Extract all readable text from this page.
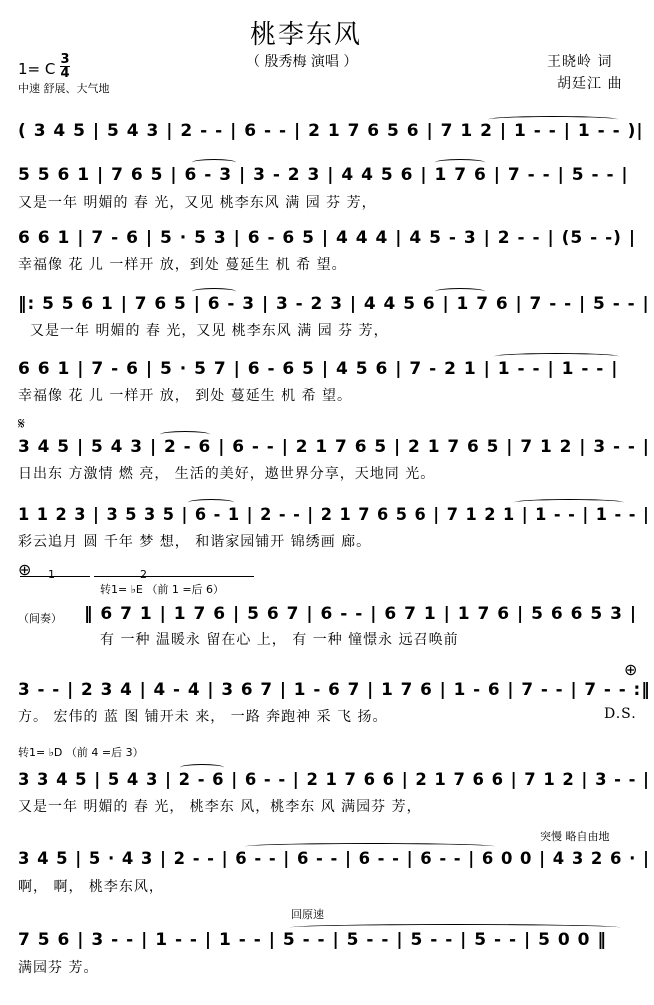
桃李东风
（ 殷秀梅 演唱 ）
1= C
3
4
中速 舒展、大气地
王晓岭 词
胡廷江 曲
( 3 4 5 | 5 4 3 | 2 - - | 6 - - | 2 1 7 6 5 6 | 7 1 2 | 1 - - | 1 - - )|
5 5 6 1 | 7 6 5 | 6 - 3 | 3 - 2 3 | 4 4 5 6 | 1 7 6 | 7 - - | 5 - - |
又是一年 明媚的 春 光，又见 桃李东风 满 园 芬 芳，
6 6 1 | 7 - 6 | 5 · 5 3 | 6 - 6 5 | 4 4 4 | 4 5 - 3 | 2 - - | (5 - -) |
幸福像 花 儿 一样开 放，到处 蔓延生 机 希 望。
‖: 5 5 6 1 | 7 6 5 | 6 - 3 | 3 - 2 3 | 4 4 5 6 | 1 7 6 | 7 - - | 5 - - |
又是一年 明媚的 春 光，又见 桃李东风 满 园 芬 芳，
6 6 1 | 7 - 6 | 5 · 5 7 | 6 - 6 5 | 4 5 6 | 7 - 2 1 | 1 - - | 1 - - |
幸福像 花 儿 一样开 放， 到处 蔓延生 机 希 望。
𝄋
3 4 5 | 5 4 3 | 2 - 6 | 6 - - | 2 1 7 6 5 | 2 1 7 6 5 | 7 1 2 | 3 - - |
日出东 方激情 燃 亮， 生活的美好，遨世界分享，天地同 光。
1 1 2 3 | 3 5 3 5 | 6 - 1 | 2 - - | 2 1 7 6 5 6 | 7 1 2 1 | 1 - - | 1 - - |
彩云追月 圆 千年 梦 想， 和谐家园铺开 锦绣画 廊。
⊕ 1	2
转1= ♭E （前 1 =后 6）
（间奏） ‖ 6 7 1 | 1 7 6 | 5 6 7 | 6 - - | 6 7 1 | 1 7 6 | 5 6 6 5 3 |
有 一种 温暖永 留在心 上， 有 一种 憧憬永 远召唤前
⊕
3 - - | 2 3 4 | 4 - 4 | 3 6 7 | 1 - 6 7 | 1 7 6 | 1 - 6 | 7 - - | 7 - - :‖
方。 宏伟的 蓝 图 铺开未 来， 一路 奔跑神 采 飞 扬。	D.S.
转1= ♭D （前 4 =后 3）
3 3 4 5 | 5 4 3 | 2 - 6 | 6 - - | 2 1 7 6 6 | 2 1 7 6 6 | 7 1 2 | 3 - - |
又是一年 明媚的 春 光， 桃李东 风，桃李东 风 满园芬 芳，
突慢 略自由地
3 4 5 | 5 · 4 3 | 2 - - | 6 - - | 6 - - | 6 - - | 6 - - | 6 0 0 | 4 3 2 6 · |
啊， 啊， 桃李东风，
回原速
7 5 6 | 3 - - | 1 - - | 1 - - | 5 - - | 5 - - | 5 - - | 5 - - | 5 0 0 ‖
满园芬 芳。
